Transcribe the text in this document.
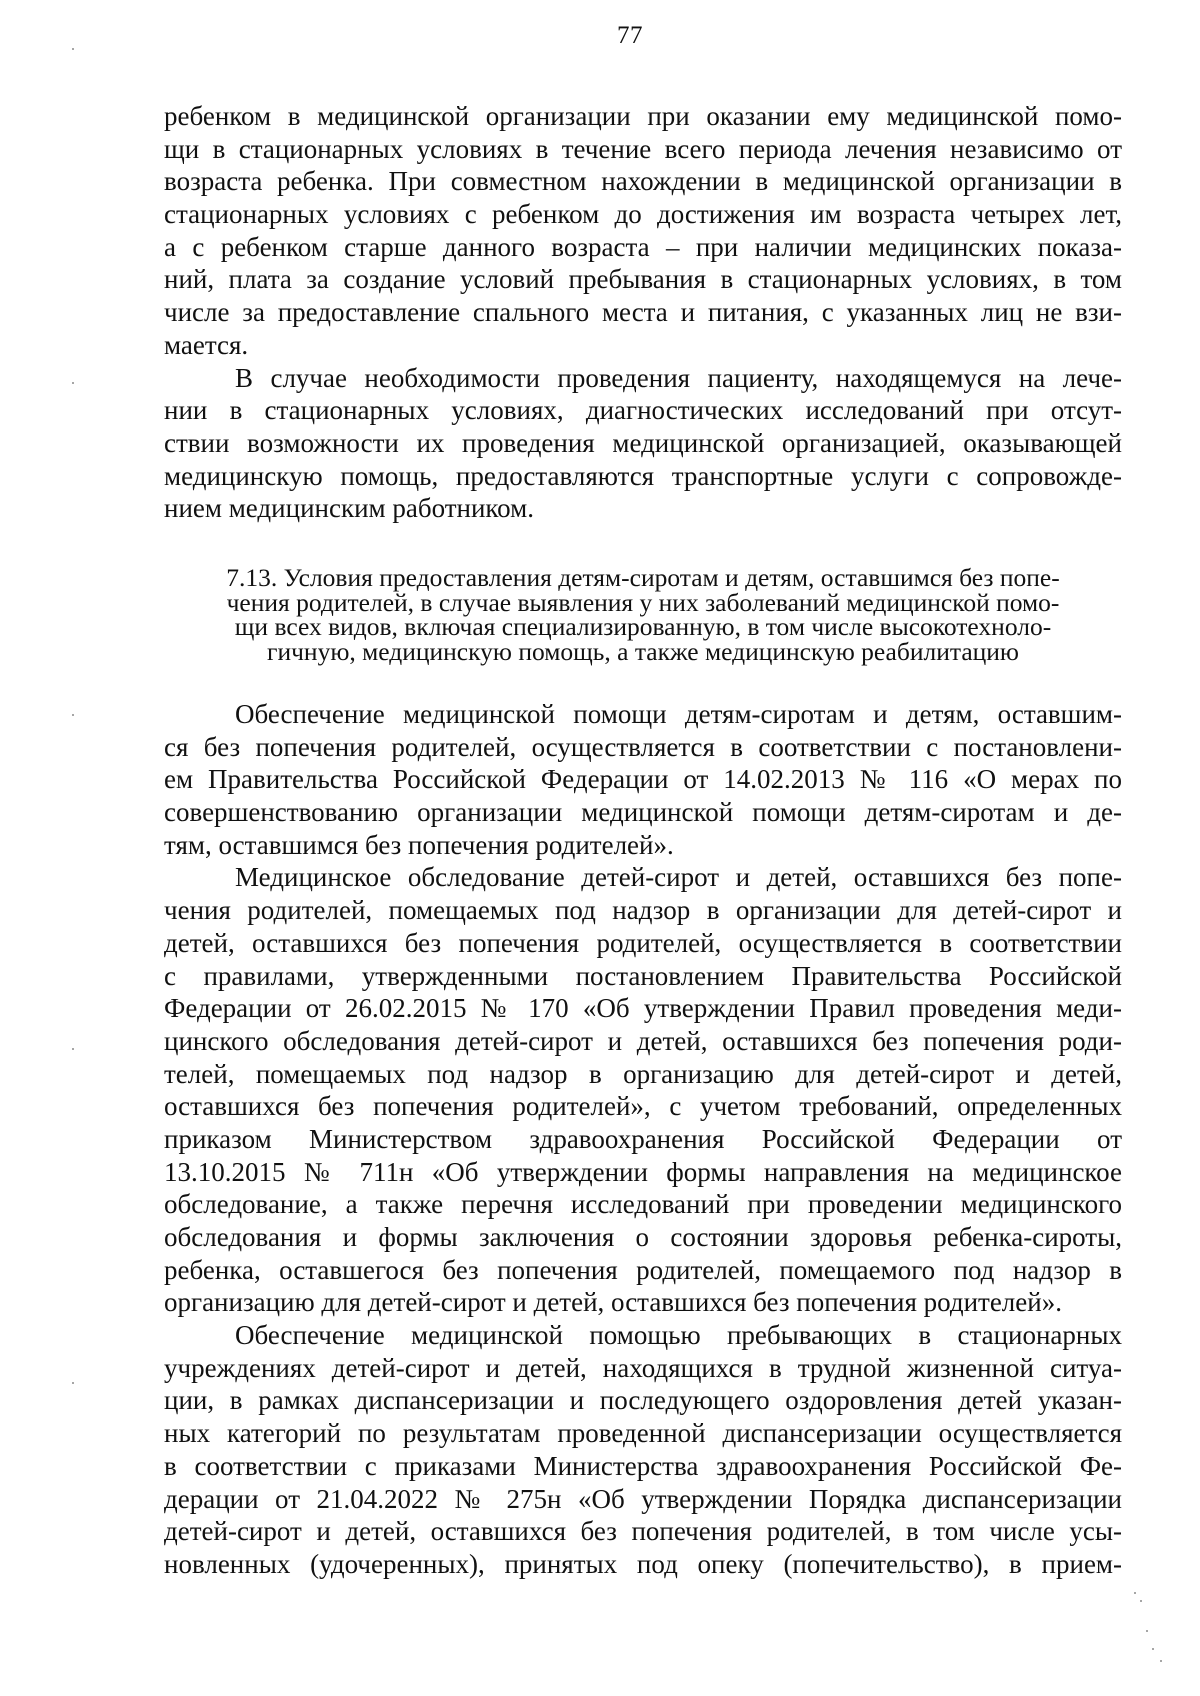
77
ребенком в медицинской организации при оказании ему медицинской помо-
щи в стационарных условиях в течение всего периода лечения независимо от
возраста ребенка. При совместном нахождении в медицинской организации в
стационарных условиях с ребенком до достижения им возраста четырех лет,
а с ребенком старше данного возраста – при наличии медицинских показа-
ний, плата за создание условий пребывания в стационарных условиях, в том
числе за предоставление спального места и питания, с указанных лиц не взи-
мается.
В случае необходимости проведения пациенту, находящемуся на лече-
нии в стационарных условиях, диагностических исследований при отсут-
ствии возможности их проведения медицинской организацией, оказывающей
медицинскую помощь, предоставляются транспортные услуги с сопровожде-
нием медицинским работником.
7.13. Условия предоставления детям-сиротам и детям, оставшимся без попе-
чения родителей, в случае выявления у них заболеваний медицинской помо-
щи всех видов, включая специализированную, в том числе высокотехноло-
гичную, медицинскую помощь, а также медицинскую реабилитацию
Обеспечение медицинской помощи детям-сиротам и детям, оставшим-
ся без попечения родителей, осуществляется в соответствии с постановлени-
ем Правительства Российской Федерации от 14.02.2013 № 116 «О мерах по
совершенствованию организации медицинской помощи детям-сиротам и де-
тям, оставшимся без попечения родителей».
Медицинское обследование детей-сирот и детей, оставшихся без попе-
чения родителей, помещаемых под надзор в организации для детей-сирот и
детей, оставшихся без попечения родителей, осуществляется в соответствии
с правилами, утвержденными постановлением Правительства Российской
Федерации от 26.02.2015 № 170 «Об утверждении Правил проведения меди-
цинского обследования детей-сирот и детей, оставшихся без попечения роди-
телей, помещаемых под надзор в организацию для детей-сирот и детей,
оставшихся без попечения родителей», с учетом требований, определенных
приказом Министерством здравоохранения Российской Федерации от
13.10.2015 № 711н «Об утверждении формы направления на медицинское
обследование, а также перечня исследований при проведении медицинского
обследования и формы заключения о состоянии здоровья ребенка-сироты,
ребенка, оставшегося без попечения родителей, помещаемого под надзор в
организацию для детей-сирот и детей, оставшихся без попечения родителей».
Обеспечение медицинской помощью пребывающих в стационарных
учреждениях детей-сирот и детей, находящихся в трудной жизненной ситуа-
ции, в рамках диспансеризации и последующего оздоровления детей указан-
ных категорий по результатам проведенной диспансеризации осуществляется
в соответствии с приказами Министерства здравоохранения Российской Фе-
дерации от 21.04.2022 № 275н «Об утверждении Порядка диспансеризации
детей-сирот и детей, оставшихся без попечения родителей, в том числе усы-
новленных (удочеренных), принятых под опеку (попечительство), в прием-
